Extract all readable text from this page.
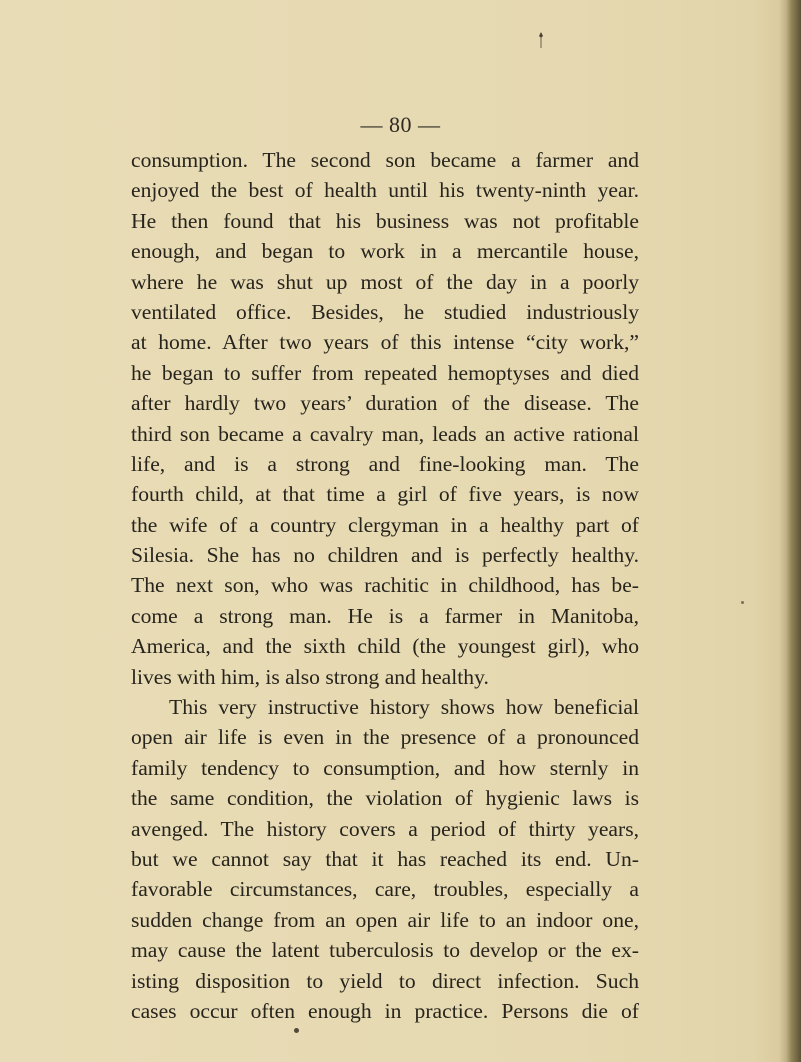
— 80 —
consumption. The second son became a farmer and
enjoyed the best of health until his twenty-ninth year.
He then found that his business was not profitable
enough, and began to work in a mercantile house,
where he was shut up most of the day in a poorly
ventilated office. Besides, he studied industriously
at home. After two years of this intense “city work,”
he began to suffer from repeated hemoptyses and died
after hardly two years’ duration of the disease. The
third son became a cavalry man, leads an active rational
life, and is a strong and fine-looking man. The
fourth child, at that time a girl of five years, is now
the wife of a country clergyman in a healthy part of
Silesia. She has no children and is perfectly healthy.
The next son, who was rachitic in childhood, has be-
come a strong man. He is a farmer in Manitoba,
America, and the sixth child (the youngest girl), who
lives with him, is also strong and healthy.
This very instructive history shows how beneficial
open air life is even in the presence of a pronounced
family tendency to consumption, and how sternly in
the same condition, the violation of hygienic laws is
avenged. The history covers a period of thirty years,
but we cannot say that it has reached its end. Un-
favorable circumstances, care, troubles, especially a
sudden change from an open air life to an indoor one,
may cause the latent tuberculosis to develop or the ex-
isting disposition to yield to direct infection. Such
cases occur often enough in practice. Persons die of
